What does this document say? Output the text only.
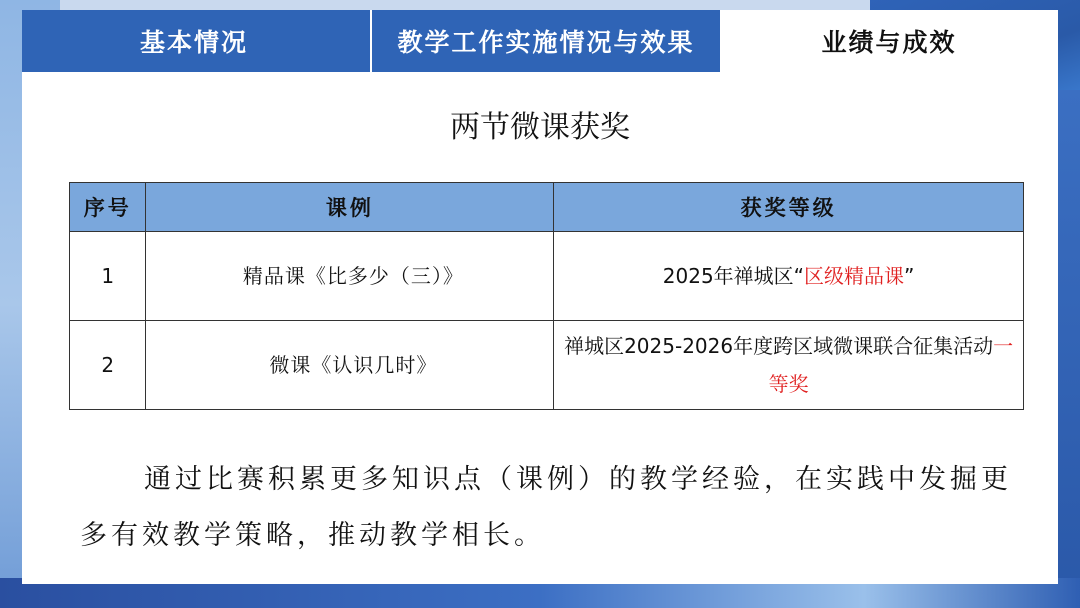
基本情况	教学工作实施情况与效果	业绩与成效
两节微课获奖
序号	课例	获奖等级
1	精品课《比多少（三）》	2025年禅城区“区级精品课”
2	微课《认识几时》	禅城区2025-2026年度跨区域微课联合征集活动一等奖
通过比赛积累更多知识点（课例）的教学经验，在实践中发掘更多有效教学策略，推动教学相长。
